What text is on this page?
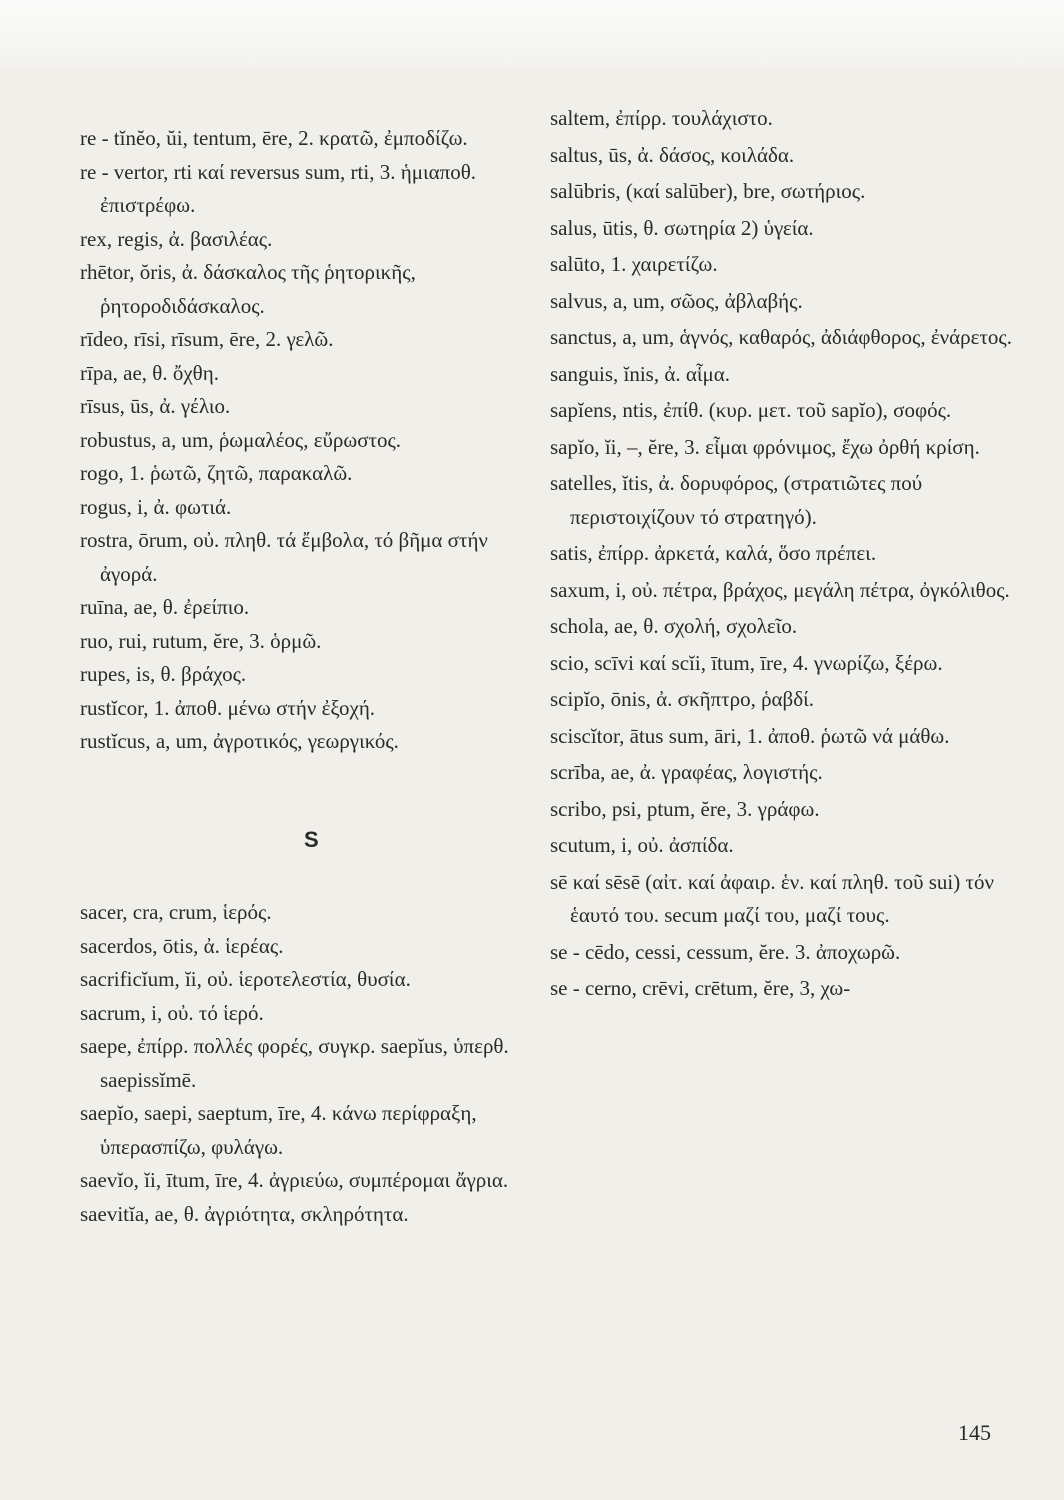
re - tĭnĕo, ŭi, tentum, ēre, 2. κρατῶ, ἐμποδίζω.

re - vertor, rti καί reversus sum, rti, 3. ἡμιαποθ. ἐπιστρέφω.

rex, regis, ἀ. βασιλέας.

rhētor, ŏris, ἀ. δάσκαλος τῆς ῥητορικῆς, ῥητοροδιδάσκαλος.

rīdeo, rīsi, rīsum, ēre, 2. γελῶ.

rīpa, ae, θ. ὄχθη.

rīsus, ūs, ἀ. γέλιο.

robustus, a, um, ῥωμαλέος, εὔρωστος.

rogo, 1. ῥωτῶ, ζητῶ, παρακαλῶ.

rogus, i, ἀ. φωτιά.

rostra, ōrum, οὐ. πληθ. τά ἔμβολα, τό βῆμα στήν ἀγορά.

ruīna, ae, θ. ἐρείπιο.

ruo, rui, rutum, ĕre, 3. ὁρμῶ.

rupes, is, θ. βράχος.

rustĭcor, 1. ἀποθ. μένω στήν ἐξοχή.

rustĭcus, a, um, ἀγροτικός, γεωργικός.

S

sacer, cra, crum, ἱερός.

sacerdos, ōtis, ἀ. ἱερέας.

sacrificĭum, ĭi, οὐ. ἱεροτελεστία, θυσία.

sacrum, i, οὐ. τό ἱερό.

saepe, ἐπίρρ. πολλές φορές, συγκρ. saepĭus, ὑπερθ. saepissĭmē.

saepĭo, saepi, saeptum, īre, 4. κάνω περίφραξη, ὑπερασπίζω, φυλάγω.

saevĭo, ĭi, ītum, īre, 4. ἀγριεύω, συμπέρομαι ἄγρια.

saevitĭa, ae, θ. ἀγριότητα, σκληρότητα.

saltem, ἐπίρρ. τουλάχιστο.

saltus, ūs, ἀ. δάσος, κοιλάδα.

salūbris, (καί salūber), bre, σωτήριος.

salus, ūtis, θ. σωτηρία 2) ὑγεία.

salūto, 1. χαιρετίζω.

salvus, a, um, σῶος, ἀβλαβής.

sanctus, a, um, ἁγνός, καθαρός, ἀδιάφθορος, ἐνάρετος.

sanguis, ĭnis, ἀ. αἷμα.

sapĭens, ntis, ἐπίθ. (κυρ. μετ. τοῦ sapĭo), σοφός.

sapĭo, ĭi, –, ĕre, 3. εἶμαι φρόνιμος, ἔχω ὀρθή κρίση.

satelles, ĭtis, ἀ. δορυφόρος, (στρατιῶτες πού περιστοιχίζουν τό στρατηγό).

satis, ἐπίρρ. ἀρκετά, καλά, ὅσο πρέπει.

saxum, i, οὐ. πέτρα, βράχος, μεγάλη πέτρα, ὀγκόλιθος.

schola, ae, θ. σχολή, σχολεῖο.

scio, scīvi καί scĭi, ītum, īre, 4. γνωρίζω, ξέρω.

scipĭo, ōnis, ἀ. σκῆπτρο, ῥαβδί.

sciscĭtor, ātus sum, āri, 1. ἀποθ. ῥωτῶ νά μάθω.

scrība, ae, ἀ. γραφέας, λογιστής.

scribo, psi, ptum, ĕre, 3. γράφω.

scutum, i, οὐ. ἀσπίδα.

sē καί sēsē (αἰτ. καί ἀφαιρ. ἑν. καί πληθ. τοῦ sui) τόν ἑαυτό του. secum μαζί του, μαζί τους.

se - cēdo, cessi, cessum, ĕre. 3. ἀποχωρῶ.

se - cerno, crēvi, crētum, ĕre, 3, χω-

145
